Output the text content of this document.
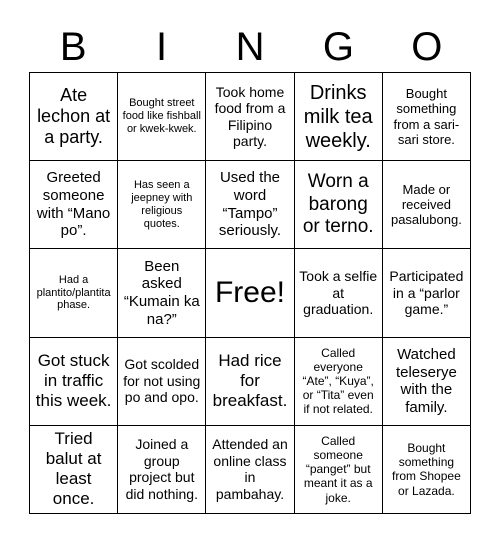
B	I	N	G	O
Ate lechon at a party.
Bought street food like fishball or kwek-kwek.
Took home food from a Filipino party.
Drinks milk tea weekly.
Bought something from a sari-sari store.
Greeted someone with “Mano po”.
Has seen a jeepney with religious quotes.
Used the word “Tampo” seriously.
Worn a barong or terno.
Made or received pasalubong.
Had a plantito/plantita phase.
Been asked “Kumain ka na?”
Free!
Took a selfie at graduation.
Participated in a “parlor game.”
Got stuck in traffic this week.
Got scolded for not using po and opo.
Had rice for breakfast.
Called everyone “Ate”, “Kuya”, or “Tita” even if not related.
Watched teleserye with the family.
Tried balut at least once.
Joined a group project but did nothing.
Attended an online class in pambahay.
Called someone “panget” but meant it as a joke.
Bought something from Shopee or Lazada.
